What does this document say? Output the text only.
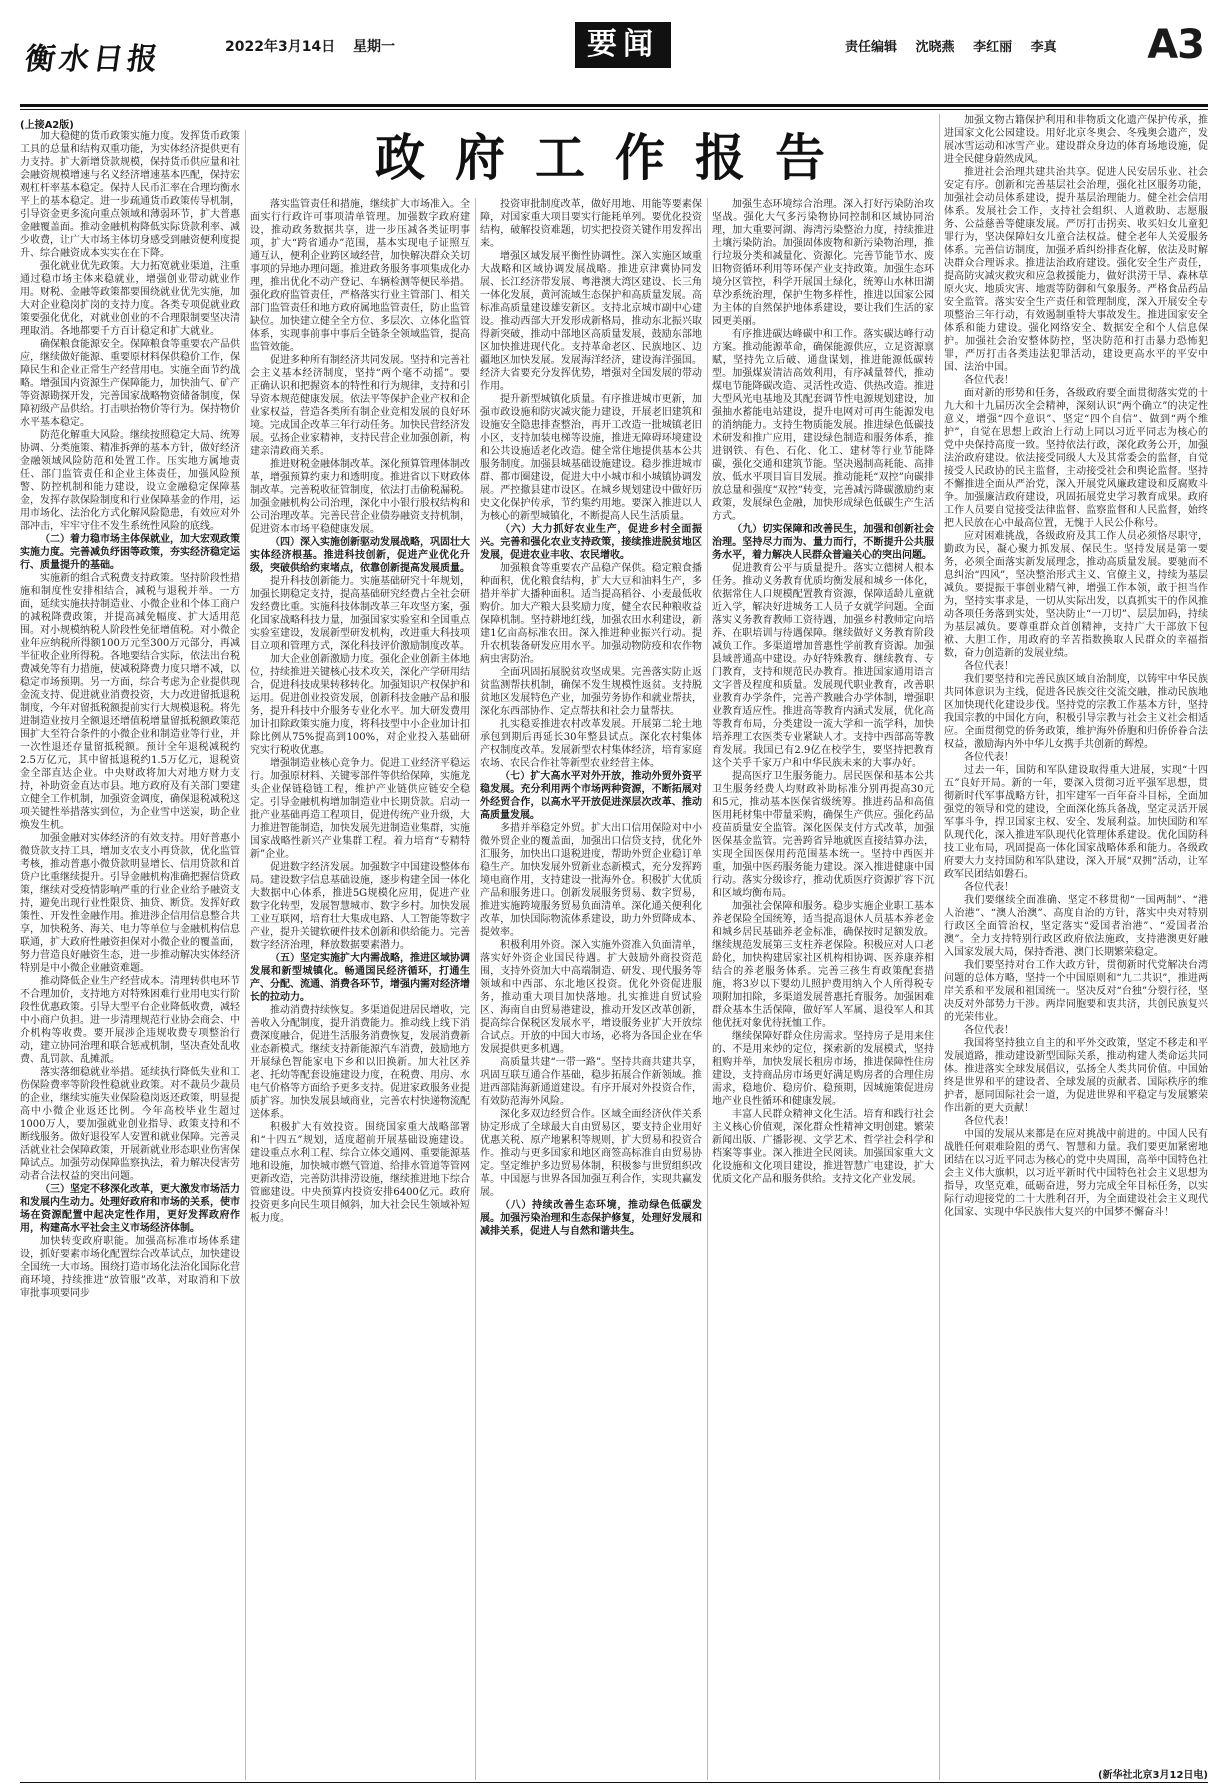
衡水日报	2022年3月14日 星期一	要闻	责任编辑 沈晓燕 李红丽 李真	A3
(上接A2版)
政府工作报告

加大稳健的货币政策实施力度。发挥货币政策工具的总量和结构双重功能，为实体经济提供更有力支持。扩大新增贷款规模，保持货币供应量和社会融资规模增速与名义经济增速基本匹配，保持宏观杠杆率基本稳定。保持人民币汇率在合理均衡水平上的基本稳定。进一步疏通货币政策传导机制，引导资金更多流向重点领域和薄弱环节，扩大普惠金融覆盖面。推动金融机构降低实际贷款利率、减少收费，让广大市场主体切身感受到融资便利度提升、综合融资成本实实在在下降。

强化就业优先政策。大力拓宽就业渠道，注重通过稳市场主体来稳就业，增强创业带动就业作用。财税、金融等政策都要围绕就业优先实施，加大对企业稳岗扩岗的支持力度。各类专项促就业政策要强化优化，对就业创业的不合理限制要坚决清理取消。各地都要千方百计稳定和扩大就业。

确保粮食能源安全。保障粮食等重要农产品供应，继续做好能源、重要原材料保供稳价工作，保障民生和企业正常生产经营用电。实施全面节约战略。增强国内资源生产保障能力，加快油气、矿产等资源勘探开发，完善国家战略物资储备制度，保障初级产品供给。打击哄抬物价等行为。保持物价水平基本稳定。

防范化解重大风险。继续按照稳定大局、统筹协调、分类施策、精准拆弹的基本方针，做好经济金融领域风险防范和处置工作。压实地方属地责任、部门监管责任和企业主体责任，加强风险预警、防控机制和能力建设，设立金融稳定保障基金，发挥存款保险制度和行业保障基金的作用，运用市场化、法治化方式化解风险隐患，有效应对外部冲击，牢牢守住不发生系统性风险的底线。

（二）着力稳市场主体保就业，加大宏观政策实施力度。完善减负纾困等政策，夯实经济稳定运行、质量提升的基础。

实施新的组合式税费支持政策。坚持阶段性措施和制度性安排相结合，减税与退税并举。一方面，延续实施扶持制造业、小微企业和个体工商户的减税降费政策，并提高减免幅度、扩大适用范围。对小规模纳税人阶段性免征增值税。对小微企业年应纳税所得额100万元至300万元部分，再减半征收企业所得税。各地要结合实际，依法出台税费减免等有力措施，使减税降费力度只增不减，以稳定市场预期。另一方面，综合考虑为企业提供现金流支持、促进就业消费投资，大力改进留抵退税制度，今年对留抵税额提前实行大规模退税。将先进制造业按月全额退还增值税增量留抵税额政策范围扩大至符合条件的小微企业和制造业等行业，并一次性退还存量留抵税额。预计全年退税减税约2.5万亿元，其中留抵退税约1.5万亿元，退税资金全部直达企业。中央财政将加大对地方财力支持，补助资金直达市县。地方政府及有关部门要建立健全工作机制，加强资金调度，确保退税减税这项关键性举措落实到位，为企业雪中送炭，助企业焕发生机。

加强金融对实体经济的有效支持。用好普惠小微贷款支持工具，增加支农支小再贷款，优化监管考核，推动普惠小微贷款明显增长、信用贷款和首贷户比重继续提升。引导金融机构准确把握信贷政策，继续对受疫情影响严重的行业企业给予融资支持，避免出现行业性限贷、抽贷、断贷。发挥好政策性、开发性金融作用。推进涉企信用信息整合共享，加快税务、海关、电力等单位与金融机构信息联通，扩大政府性融资担保对小微企业的覆盖面，努力营造良好融资生态，进一步推动解决实体经济特别是中小微企业融资难题。

推动降低企业生产经营成本。清理转供电环节不合理加价，支持地方对特殊困难行业用电实行阶段性优惠政策。引导大型平台企业降低收费，减轻中小商户负担。进一步清理规范行业协会商会、中介机构等收费。要开展涉企违规收费专项整治行动，建立协同治理和联合惩戒机制，坚决查处乱收费、乱罚款、乱摊派。

落实落细稳就业举措。延续执行降低失业和工伤保险费率等阶段性稳就业政策。对不裁员少裁员的企业，继续实施失业保险稳岗返还政策，明显提高中小微企业返还比例。今年高校毕业生超过1000万人，要加强就业创业指导、政策支持和不断线服务。做好退役军人安置和就业保障。完善灵活就业社会保障政策，开展新就业形态职业伤害保障试点。加强劳动保障监察执法，着力解决侵害劳动者合法权益的突出问题。

（三）坚定不移深化改革，更大激发市场活力和发展内生动力。处理好政府和市场的关系，使市场在资源配置中起决定性作用，更好发挥政府作用，构建高水平社会主义市场经济体制。

加快转变政府职能。加强高标准市场体系建设，抓好要素市场化配置综合改革试点，加快建设全国统一大市场。围绕打造市场化法治化国际化营商环境，持续推进“放管服”改革，对取消和下放审批事项要同步

落实监管责任和措施，继续扩大市场准入。全面实行行政许可事项清单管理。加强数字政府建设，推动政务数据共享，进一步压减各类证明事项，扩大“跨省通办”范围，基本实现电子证照互通互认，便利企业跨区域经营，加快解决群众关切事项的异地办理问题。推进政务服务事项集成化办理，推出优化不动产登记、车辆检测等便民举措。强化政府监管责任，严格落实行业主管部门、相关部门监管责任和地方政府属地监管责任，防止监管缺位。加快建立健全全方位、多层次、立体化监管体系，实现事前事中事后全链条全领域监管，提高监管效能。

促进多种所有制经济共同发展。坚持和完善社会主义基本经济制度，坚持“两个毫不动摇”。要正确认识和把握资本的特性和行为规律，支持和引导资本规范健康发展。依法平等保护企业产权和企业家权益，营造各类所有制企业竞相发展的良好环境。完成国企改革三年行动任务。加快民营经济发展。弘扬企业家精神，支持民营企业加强创新，构建亲清政商关系。

推进财税金融体制改革。深化预算管理体制改革，增强预算约束力和透明度。推进省以下财政体制改革。完善税收征管制度，依法打击偷税漏税。加强金融机构公司治理，深化中小银行股权结构和公司治理改革。完善民营企业债券融资支持机制，促进资本市场平稳健康发展。

（四）深入实施创新驱动发展战略，巩固壮大实体经济根基。推进科技创新，促进产业优化升级，突破供给约束堵点，依靠创新提高发展质量。

提升科技创新能力。实施基础研究十年规划，加强长期稳定支持，提高基础研究经费占全社会研发经费比重。实施科技体制改革三年攻坚方案，强化国家战略科技力量，加强国家实验室和全国重点实验室建设，发展新型研发机构，改进重大科技项目立项和管理方式，深化科技评价激励制度改革。

加大企业创新激励力度。强化企业创新主体地位，持续推进关键核心技术攻关，深化产学研用结合，促进科技成果转移转化。加强知识产权保护和运用。促进创业投资发展，创新科技金融产品和服务，提升科技中介服务专业化水平。加大研发费用加计扣除政策实施力度，将科技型中小企业加计扣除比例从75%提高到100%，对企业投入基础研究实行税收优惠。

增强制造业核心竞争力。促进工业经济平稳运行。加强原材料、关键零部件等供给保障，实施龙头企业保链稳链工程，维护产业链供应链安全稳定。引导金融机构增加制造业中长期贷款。启动一批产业基础再造工程项目，促进传统产业升级，大力推进智能制造，加快发展先进制造业集群，实施国家战略性新兴产业集群工程。着力培育“专精特新”企业。

促进数字经济发展。加强数字中国建设整体布局。建设数字信息基础设施，逐步构建全国一体化大数据中心体系，推进5G规模化应用，促进产业数字化转型，发展智慧城市、数字乡村。加快发展工业互联网，培育壮大集成电路、人工智能等数字产业，提升关键软硬件技术创新和供给能力。完善数字经济治理，释放数据要素潜力。

（五）坚定实施扩大内需战略，推进区域协调发展和新型城镇化。畅通国民经济循环，打通生产、分配、流通、消费各环节，增强内需对经济增长的拉动力。

推动消费持续恢复。多渠道促进居民增收，完善收入分配制度，提升消费能力。推动线上线下消费深度融合，促进生活服务消费恢复，发展消费新业态新模式。继续支持新能源汽车消费，鼓励地方开展绿色智能家电下乡和以旧换新。加大社区养老、托幼等配套设施建设力度，在税费、用房、水电气价格等方面给予更多支持。促进家政服务业提质扩容。加快发展县域商业，完善农村快递物流配送体系。

积极扩大有效投资。围绕国家重大战略部署和“十四五”规划，适度超前开展基础设施建设。建设重点水利工程、综合立体交通网、重要能源基地和设施，加快城市燃气管道、给排水管道等管网更新改造，完善防洪排涝设施，继续推进地下综合管廊建设。中央预算内投资安排6400亿元。政府投资更多向民生项目倾斜，加大社会民生领域补短板力度。

投资审批制度改革，做好用地、用能等要素保障，对国家重大项目要实行能耗单列。要优化投资结构，破解投资难题，切实把投资关键作用发挥出来。

增强区域发展平衡性协调性。深入实施区域重大战略和区域协调发展战略。推进京津冀协同发展、长江经济带发展、粤港澳大湾区建设、长三角一体化发展，黄河流域生态保护和高质量发展。高标准高质量建设雄安新区。支持北京城市副中心建设。推动西部大开发形成新格局，推动东北振兴取得新突破，推动中部地区高质量发展，鼓励东部地区加快推进现代化。支持革命老区、民族地区、边疆地区加快发展。发展海洋经济，建设海洋强国。经济大省要充分发挥优势，增强对全国发展的带动作用。

提升新型城镇化质量。有序推进城市更新，加强市政设施和防灾减灾能力建设，开展老旧建筑和设施安全隐患排查整治，再开工改造一批城镇老旧小区，支持加装电梯等设施，推进无障碍环境建设和公共设施适老化改造。健全常住地提供基本公共服务制度。加强县城基础设施建设。稳步推进城市群、都市圈建设，促进大中小城市和小城镇协调发展。严控撤县建市设区。在城乡规划建设中做好历史文化保护传承，节约集约用地。要深入推进以人为核心的新型城镇化，不断提高人民生活质量。

（六）大力抓好农业生产，促进乡村全面振兴。完善和强化农业支持政策，接续推进脱贫地区发展，促进农业丰收、农民增收。

加强粮食等重要农产品稳产保供。稳定粮食播种面积，优化粮食结构，扩大大豆和油料生产，多措并举扩大播种面积。适当提高稻谷、小麦最低收购价。加大产粮大县奖励力度，健全农民种粮收益保障机制。坚持耕地红线，加强农田水利建设，新建1亿亩高标准农田。深入推进种业振兴行动。提升农机装备研发应用水平。加强动物防疫和农作物病虫害防治。

全面巩固拓展脱贫攻坚成果。完善落实防止返贫监测帮扶机制，确保不发生规模性返贫。支持脱贫地区发展特色产业，加强劳务协作和就业帮扶，深化东西部协作、定点帮扶和社会力量帮扶。

扎实稳妥推进农村改革发展。开展第二轮土地承包到期后再延长30年整县试点。深化农村集体产权制度改革。发展新型农村集体经济，培育家庭农场、农民合作社等新型农业经营主体。

（七）扩大高水平对外开放，推动外贸外资平稳发展。充分利用两个市场两种资源，不断拓展对外经贸合作，以高水平开放促进深层次改革、推动高质量发展。

多措并举稳定外贸。扩大出口信用保险对中小微外贸企业的覆盖面，加强出口信贷支持，优化外汇服务，加快出口退税进度，帮助外贸企业稳订单稳生产。加快发展外贸新业态新模式，充分发挥跨境电商作用，支持建设一批海外仓。积极扩大优质产品和服务进口。创新发展服务贸易、数字贸易，推进实施跨境服务贸易负面清单。深化通关便利化改革，加快国际物流体系建设，助力外贸降成本、提效率。

积极利用外资。深入实施外资准入负面清单，落实好外资企业国民待遇。扩大鼓励外商投资范围，支持外资加大中高端制造、研发、现代服务等领域和中西部、东北地区投资。优化外资促进服务，推动重大项目加快落地。扎实推进自贸试验区、海南自由贸易港建设，推动开发区改革创新，提高综合保税区发展水平，增设服务业扩大开放综合试点。开放的中国大市场，必将为各国企业在华发展提供更多机遇。

高质量共建“一带一路”。坚持共商共建共享，巩固互联互通合作基础，稳步拓展合作新领域。推进西部陆海新通道建设。有序开展对外投资合作，有效防范海外风险。

深化多双边经贸合作。区域全面经济伙伴关系协定形成了全球最大自由贸易区，要支持企业用好优惠关税、原产地累积等规则，扩大贸易和投资合作。推动与更多国家和地区商签高标准自由贸易协定。坚定维护多边贸易体制，积极参与世贸组织改革。中国愿与世界各国加强互利合作，实现共赢发展。

（八）持续改善生态环境，推动绿色低碳发展。加强污染治理和生态保护修复，处理好发展和减排关系，促进人与自然和谐共生。

加强生态环境综合治理。深入打好污染防治攻坚战。强化大气多污染物协同控制和区域协同治理，加大重要河湖、海湾污染整治力度，持续推进土壤污染防治。加强固体废物和新污染物治理，推行垃圾分类和减量化、资源化。完善节能节水、废旧物资循环利用等环保产业支持政策。加强生态环境分区管控，科学开展国土绿化，统筹山水林田湖草沙系统治理，保护生物多样性，推进以国家公园为主体的自然保护地体系建设，要让我们生活的家园更美丽。

有序推进碳达峰碳中和工作。落实碳达峰行动方案。推动能源革命，确保能源供应，立足资源禀赋，坚持先立后破、通盘谋划，推进能源低碳转型。加强煤炭清洁高效利用，有序减量替代，推动煤电节能降碳改造、灵活性改造、供热改造。推进大型风光电基地及其配套调节性电源规划建设，加强抽水蓄能电站建设，提升电网对可再生能源发电的消纳能力。支持生物质能发展。推进绿色低碳技术研发和推广应用，建设绿色制造和服务体系，推进钢铁、有色、石化、化工、建材等行业节能降碳，强化交通和建筑节能。坚决遏制高耗能、高排放、低水平项目盲目发展。推动能耗“双控”向碳排放总量和强度“双控”转变，完善减污降碳激励约束政策，发展绿色金融，加快形成绿色低碳生产生活方式。

（九）切实保障和改善民生，加强和创新社会治理。坚持尽力而为、量力而行，不断提升公共服务水平，着力解决人民群众普遍关心的突出问题。

促进教育公平与质量提升。落实立德树人根本任务。推动义务教育优质均衡发展和城乡一体化，依据常住人口规模配置教育资源，保障适龄儿童就近入学，解决好进城务工人员子女就学问题。全面落实义务教育教师工资待遇，加强乡村教师定向培养、在职培训与待遇保障。继续做好义务教育阶段减负工作。多渠道增加普惠性学前教育资源。加强县域普通高中建设。办好特殊教育、继续教育、专门教育，支持和规范民办教育。推进国家通用语言文字普及程度和质量。发展现代职业教育，改善职业教育办学条件，完善产教融合办学体制，增强职业教育适应性。推进高等教育内涵式发展，优化高等教育布局，分类建设一流大学和一流学科，加快培养理工农医类专业紧缺人才。支持中西部高等教育发展。我国已有2.9亿在校学生，要坚持把教育这个关乎千家万户和中华民族未来的大事办好。

提高医疗卫生服务能力。居民医保和基本公共卫生服务经费人均财政补助标准分别再提高30元和5元，推动基本医保省级统筹。推进药品和高值医用耗材集中带量采购，确保生产供应。强化药品疫苗质量安全监管。深化医保支付方式改革，加强医保基金监管。完善跨省异地就医直接结算办法，实现全国医保用药范围基本统一。坚持中西医并重，加强中医药服务能力建设。深入推进健康中国行动。落实分级诊疗，推动优质医疗资源扩容下沉和区域均衡布局。

加强社会保障和服务。稳步实施企业职工基本养老保险全国统筹，适当提高退休人员基本养老金和城乡居民基础养老金标准，确保按时足额发放。继续规范发展第三支柱养老保险。积极应对人口老龄化，加快构建居家社区机构相协调、医养康养相结合的养老服务体系。完善三孩生育政策配套措施，将3岁以下婴幼儿照护费用纳入个人所得税专项附加扣除，多渠道发展普惠托育服务。加强困难群众基本生活保障，做好军人军属、退役军人和其他优抚对象优待抚恤工作。

继续保障好群众住房需求。坚持房子是用来住的、不是用来炒的定位，探索新的发展模式，坚持租购并举，加快发展长租房市场，推进保障性住房建设，支持商品房市场更好满足购房者的合理住房需求，稳地价、稳房价、稳预期，因城施策促进房地产业良性循环和健康发展。

丰富人民群众精神文化生活。培育和践行社会主义核心价值观，深化群众性精神文明创建。繁荣新闻出版、广播影视、文学艺术、哲学社会科学和档案等事业。深入推进全民阅读。加强国家重大文化设施和文化项目建设，推进智慧广电建设，扩大优质文化产品和服务供给。支持文化产业发展。

加强文物古籍保护利用和非物质文化遗产保护传承，推进国家文化公园建设。用好北京冬奥会、冬残奥会遗产，发展冰雪运动和冰雪产业。建设群众身边的体育场地设施，促进全民健身蔚然成风。

推进社会治理共建共治共享。促进人民安居乐业、社会安定有序。创新和完善基层社会治理，强化社区服务功能，加强社会动员体系建设，提升基层治理能力。健全社会信用体系。发展社会工作，支持社会组织、人道救助、志愿服务、公益慈善等健康发展。严厉打击拐卖、收买妇女儿童犯罪行为，坚决保障妇女儿童合法权益。健全老年人关爱服务体系。完善信访制度，加强矛盾纠纷排查化解，依法及时解决群众合理诉求。推进法治政府建设。强化安全生产责任，提高防灾减灾救灾和应急救援能力，做好洪涝干旱、森林草原火灾、地质灾害、地震等防御和气象服务。严格食品药品安全监管。落实安全生产责任和管理制度，深入开展安全专项整治三年行动，有效遏制重特大事故发生。推进国家安全体系和能力建设。强化网络安全、数据安全和个人信息保护。加强社会治安整体防控，坚决防范和打击暴力恐怖犯罪，严厉打击各类违法犯罪活动，建设更高水平的平安中国、法治中国。

各位代表！

面对新的形势和任务，各级政府要全面贯彻落实党的十九大和十九届历次全会精神，深刻认识“两个确立”的决定性意义，增强“四个意识”、坚定“四个自信”、做到“两个维护”，自觉在思想上政治上行动上同以习近平同志为核心的党中央保持高度一致。坚持依法行政，深化政务公开，加强法治政府建设。依法接受同级人大及其常委会的监督，自觉接受人民政协的民主监督，主动接受社会和舆论监督。坚持不懈推进全面从严治党，深入开展党风廉政建设和反腐败斗争。加强廉洁政府建设，巩固拓展党史学习教育成果。政府工作人员要自觉接受法律监督、监察监督和人民监督，始终把人民放在心中最高位置，无愧于人民公仆称号。

应对困难挑战，各级政府及其工作人员必须恪尽职守，勤政为民，凝心聚力抓发展、保民生。坚持发展是第一要务，必须全面落实新发展理念，推动高质量发展。要驰而不息纠治“四风”，坚决整治形式主义、官僚主义，持续为基层减负。要提振干事创业精气神，增强工作本领，敢于担当作为，坚持实事求是，一切从实际出发，以真抓实干的作风推动各项任务落到实处，坚决防止“一刀切”、层层加码，持续为基层减负。要尊重群众首创精神，支持广大干部放下包袱、大胆工作，用政府的辛苦指数换取人民群众的幸福指数，奋力创造新的发展业绩。

各位代表！

我们要坚持和完善民族区域自治制度，以铸牢中华民族共同体意识为主线，促进各民族交往交流交融，推动民族地区加快现代化建设步伐。坚持党的宗教工作基本方针，坚持我国宗教的中国化方向，积极引导宗教与社会主义社会相适应。全面贯彻党的侨务政策，维护海外侨胞和归侨侨眷合法权益，激励海内外中华儿女携手共创新的辉煌。

各位代表！

过去一年，国防和军队建设取得重大进展，实现“十四五”良好开局。新的一年，要深入贯彻习近平强军思想，贯彻新时代军事战略方针，扣牢建军一百年奋斗目标，全面加强党的领导和党的建设，全面深化练兵备战，坚定灵活开展军事斗争，捍卫国家主权、安全、发展利益。加快国防和军队现代化，深入推进军队现代化管理体系建设。优化国防科技工业布局，巩固提高一体化国家战略体系和能力。各级政府要大力支持国防和军队建设，深入开展“双拥”活动，让军政军民团结如磐石。

各位代表！

我们要继续全面准确、坚定不移贯彻“一国两制”、“港人治港”、“澳人治澳”、高度自治的方针，落实中央对特别行政区全面管治权，坚定落实“爱国者治港”、“爱国者治澳”。全力支持特别行政区政府依法施政，支持港澳更好融入国家发展大局，保持香港、澳门长期繁荣稳定。

我们要坚持对台工作大政方针，贯彻新时代党解决台湾问题的总体方略，坚持一个中国原则和“九二共识”，推进两岸关系和平发展和祖国统一。坚决反对“台独”分裂行径，坚决反对外部势力干涉。两岸同胞要和衷共济，共创民族复兴的光荣伟业。

各位代表！

我国将坚持独立自主的和平外交政策，坚定不移走和平发展道路，推动建设新型国际关系，推动构建人类命运共同体。推进落实全球发展倡议，弘扬全人类共同价值。中国始终是世界和平的建设者、全球发展的贡献者、国际秩序的维护者，愿同国际社会一道，为促进世界和平稳定与发展繁荣作出新的更大贡献！

各位代表！

中国的发展从来都是在应对挑战中前进的。中国人民有战胜任何艰难险阻的勇气、智慧和力量。我们要更加紧密地团结在以习近平同志为核心的党中央周围，高举中国特色社会主义伟大旗帜，以习近平新时代中国特色社会主义思想为指导，攻坚克难，砥砺奋进，努力完成全年目标任务，以实际行动迎接党的二十大胜利召开，为全面建设社会主义现代化国家、实现中华民族伟大复兴的中国梦不懈奋斗！

(新华社北京3月12日电)
